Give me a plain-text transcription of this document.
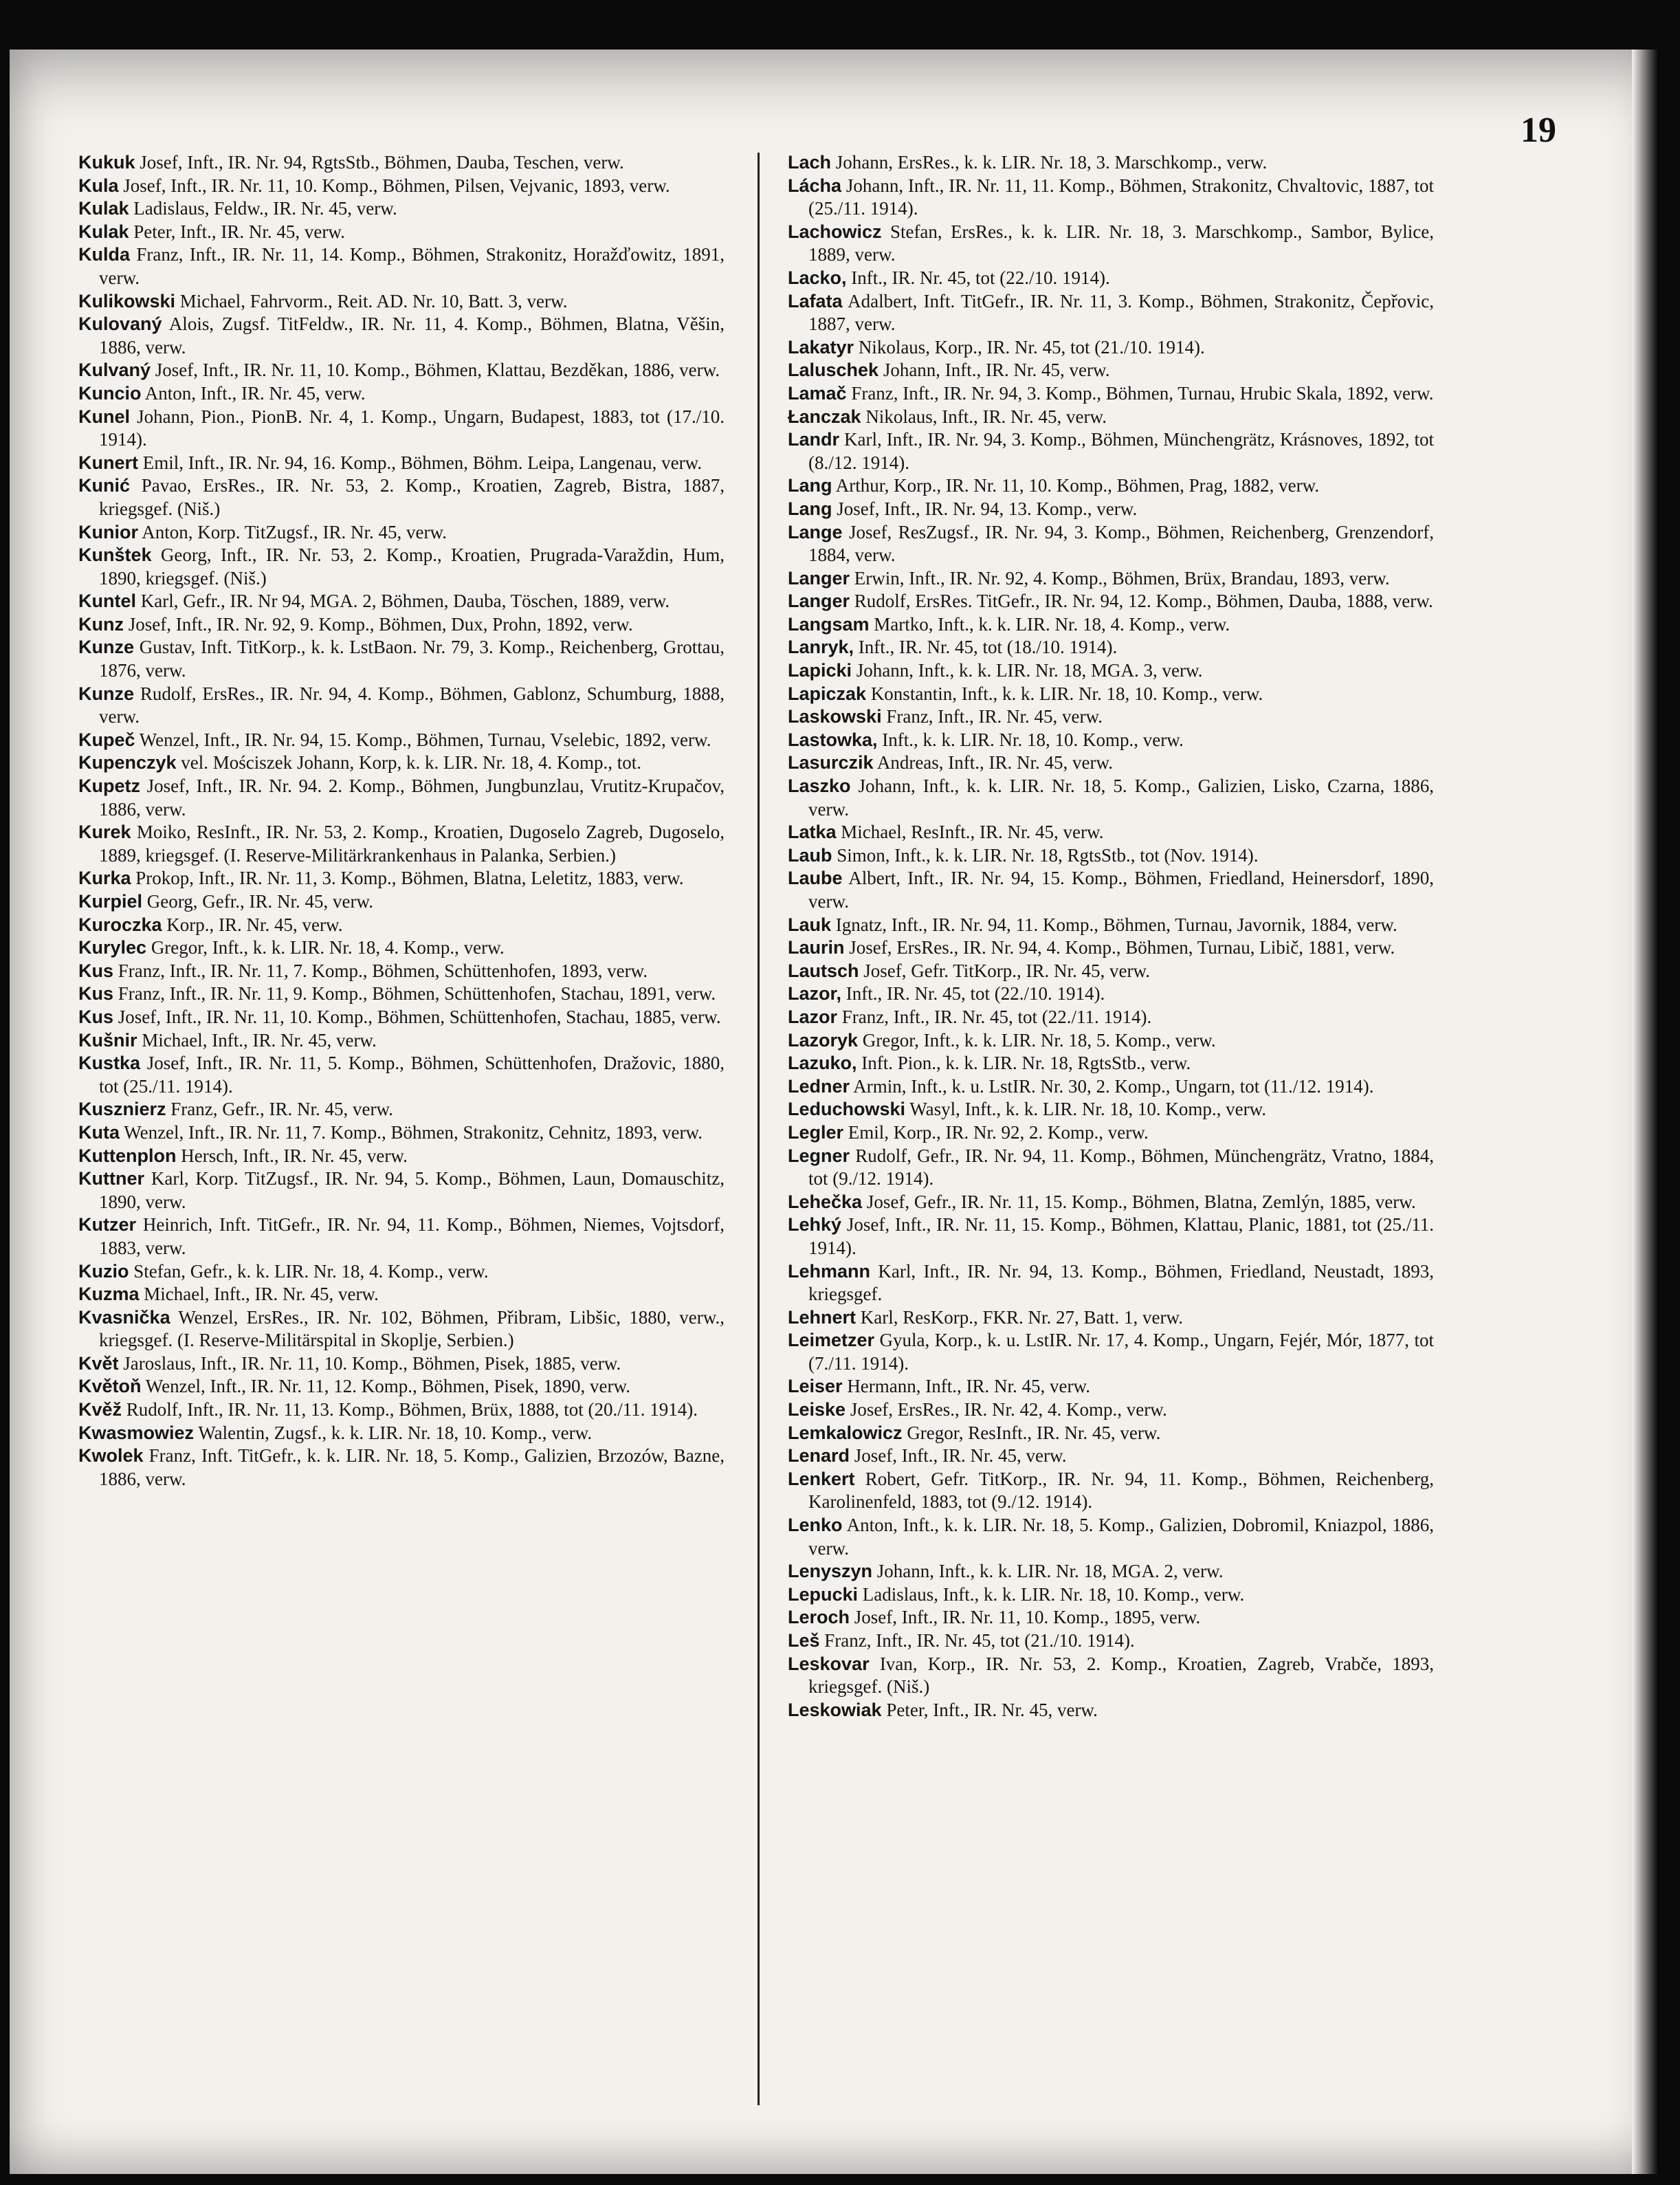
19

Kukuk Josef, Inft., IR. Nr. 94, RgtsStb., Böhmen, Dauba, Teschen, verw.

Kula Josef, Inft., IR. Nr. 11, 10. Komp., Böhmen, Pilsen, Vejvanic, 1893, verw.

Kulak Ladislaus, Feldw., IR. Nr. 45, verw.

Kulak Peter, Inft., IR. Nr. 45, verw.

Kulda Franz, Inft., IR. Nr. 11, 14. Komp., Böhmen, Strakonitz, Horažďowitz, 1891, verw.

Kulikowski Michael, Fahrvorm., Reit. AD. Nr. 10, Batt. 3, verw.

Kulovaný Alois, Zugsf. TitFeldw., IR. Nr. 11, 4. Komp., Böhmen, Blatna, Věšin, 1886, verw.

Kulvaný Josef, Inft., IR. Nr. 11, 10. Komp., Böhmen, Klattau, Bezděkan, 1886, verw.

Kuncio Anton, Inft., IR. Nr. 45, verw.

Kunel Johann, Pion., PionB. Nr. 4, 1. Komp., Ungarn, Budapest, 1883, tot (17./10. 1914).

Kunert Emil, Inft., IR. Nr. 94, 16. Komp., Böhmen, Böhm. Leipa, Langenau, verw.

Kunić Pavao, ErsRes., IR. Nr. 53, 2. Komp., Kroatien, Zagreb, Bistra, 1887, kriegsgef. (Niš.)

Kunior Anton, Korp. TitZugsf., IR. Nr. 45, verw.

Kunštek Georg, Inft., IR. Nr. 53, 2. Komp., Kroatien, Prugrada-Varaždin, Hum, 1890, kriegsgef. (Niš.)

Kuntel Karl, Gefr., IR. Nr 94, MGA. 2, Böhmen, Dauba, Töschen, 1889, verw.

Kunz Josef, Inft., IR. Nr. 92, 9. Komp., Böhmen, Dux, Prohn, 1892, verw.

Kunze Gustav, Inft. TitKorp., k. k. LstBaon. Nr. 79, 3. Komp., Reichenberg, Grottau, 1876, verw.

Kunze Rudolf, ErsRes., IR. Nr. 94, 4. Komp., Böhmen, Gablonz, Schumburg, 1888, verw.

Kupeč Wenzel, Inft., IR. Nr. 94, 15. Komp., Böhmen, Turnau, Vselebic, 1892, verw.

Kupenczyk vel. Mościszek Johann, Korp, k. k. LIR. Nr. 18, 4. Komp., tot.

Kupetz Josef, Inft., IR. Nr. 94. 2. Komp., Böhmen, Jungbunzlau, Vrutitz-Krupačov, 1886, verw.

Kurek Moiko, ResInft., IR. Nr. 53, 2. Komp., Kroatien, Dugoselo Zagreb, Dugoselo, 1889, kriegsgef. (I. Reserve-Militärkrankenhaus in Palanka, Serbien.)

Kurka Prokop, Inft., IR. Nr. 11, 3. Komp., Böhmen, Blatna, Leletitz, 1883, verw.

Kurpiel Georg, Gefr., IR. Nr. 45, verw.

Kuroczka Korp., IR. Nr. 45, verw.

Kurylec Gregor, Inft., k. k. LIR. Nr. 18, 4. Komp., verw.

Kus Franz, Inft., IR. Nr. 11, 7. Komp., Böhmen, Schüttenhofen, 1893, verw.

Kus Franz, Inft., IR. Nr. 11, 9. Komp., Böhmen, Schüttenhofen, Stachau, 1891, verw.

Kus Josef, Inft., IR. Nr. 11, 10. Komp., Böhmen, Schüttenhofen, Stachau, 1885, verw.

Kušnir Michael, Inft., IR. Nr. 45, verw.

Kustka Josef, Inft., IR. Nr. 11, 5. Komp., Böhmen, Schüttenhofen, Dražovic, 1880, tot (25./11. 1914).

Kusznierz Franz, Gefr., IR. Nr. 45, verw.

Kuta Wenzel, Inft., IR. Nr. 11, 7. Komp., Böhmen, Strakonitz, Cehnitz, 1893, verw.

Kuttenplon Hersch, Inft., IR. Nr. 45, verw.

Kuttner Karl, Korp. TitZugsf., IR. Nr. 94, 5. Komp., Böhmen, Laun, Domauschitz, 1890, verw.

Kutzer Heinrich, Inft. TitGefr., IR. Nr. 94, 11. Komp., Böhmen, Niemes, Vojtsdorf, 1883, verw.

Kuzio Stefan, Gefr., k. k. LIR. Nr. 18, 4. Komp., verw.

Kuzma Michael, Inft., IR. Nr. 45, verw.

Kvasnička Wenzel, ErsRes., IR. Nr. 102, Böhmen, Přibram, Libšic, 1880, verw., kriegsgef. (I. Reserve-Militärspital in Skoplje, Serbien.)

Květ Jaroslaus, Inft., IR. Nr. 11, 10. Komp., Böhmen, Pisek, 1885, verw.

Květoň Wenzel, Inft., IR. Nr. 11, 12. Komp., Böhmen, Pisek, 1890, verw.

Kvěž Rudolf, Inft., IR. Nr. 11, 13. Komp., Böhmen, Brüx, 1888, tot (20./11. 1914).

Kwasmowiez Walentin, Zugsf., k. k. LIR. Nr. 18, 10. Komp., verw.

Kwolek Franz, Inft. TitGefr., k. k. LIR. Nr. 18, 5. Komp., Galizien, Brzozów, Bazne, 1886, verw.

Lach Johann, ErsRes., k. k. LIR. Nr. 18, 3. Marschkomp., verw.

Lácha Johann, Inft., IR. Nr. 11, 11. Komp., Böhmen, Strakonitz, Chvaltovic, 1887, tot (25./11. 1914).

Lachowicz Stefan, ErsRes., k. k. LIR. Nr. 18, 3. Marschkomp., Sambor, Bylice, 1889, verw.

Lacko, Inft., IR. Nr. 45, tot (22./10. 1914).

Lafata Adalbert, Inft. TitGefr., IR. Nr. 11, 3. Komp., Böhmen, Strakonitz, Čepřovic, 1887, verw.

Lakatyr Nikolaus, Korp., IR. Nr. 45, tot (21./10. 1914).

Laluschek Johann, Inft., IR. Nr. 45, verw.

Lamač Franz, Inft., IR. Nr. 94, 3. Komp., Böhmen, Turnau, Hrubic Skala, 1892, verw.

Łanczak Nikolaus, Inft., IR. Nr. 45, verw.

Landr Karl, Inft., IR. Nr. 94, 3. Komp., Böhmen, Münchengrätz, Krásnoves, 1892, tot (8./12. 1914).

Lang Arthur, Korp., IR. Nr. 11, 10. Komp., Böhmen, Prag, 1882, verw.

Lang Josef, Inft., IR. Nr. 94, 13. Komp., verw.

Lange Josef, ResZugsf., IR. Nr. 94, 3. Komp., Böhmen, Reichenberg, Grenzendorf, 1884, verw.

Langer Erwin, Inft., IR. Nr. 92, 4. Komp., Böhmen, Brüx, Brandau, 1893, verw.

Langer Rudolf, ErsRes. TitGefr., IR. Nr. 94, 12. Komp., Böhmen, Dauba, 1888, verw.

Langsam Martko, Inft., k. k. LIR. Nr. 18, 4. Komp., verw.

Lanryk, Inft., IR. Nr. 45, tot (18./10. 1914).

Lapicki Johann, Inft., k. k. LIR. Nr. 18, MGA. 3, verw.

Lapiczak Konstantin, Inft., k. k. LIR. Nr. 18, 10. Komp., verw.

Laskowski Franz, Inft., IR. Nr. 45, verw.

Lastowka, Inft., k. k. LIR. Nr. 18, 10. Komp., verw.

Lasurczik Andreas, Inft., IR. Nr. 45, verw.

Laszko Johann, Inft., k. k. LIR. Nr. 18, 5. Komp., Galizien, Lisko, Czarna, 1886, verw.

Latka Michael, ResInft., IR. Nr. 45, verw.

Laub Simon, Inft., k. k. LIR. Nr. 18, RgtsStb., tot (Nov. 1914).

Laube Albert, Inft., IR. Nr. 94, 15. Komp., Böhmen, Friedland, Heinersdorf, 1890, verw.

Lauk Ignatz, Inft., IR. Nr. 94, 11. Komp., Böhmen, Turnau, Javornik, 1884, verw.

Laurin Josef, ErsRes., IR. Nr. 94, 4. Komp., Böhmen, Turnau, Libič, 1881, verw.

Lautsch Josef, Gefr. TitKorp., IR. Nr. 45, verw.

Lazor, Inft., IR. Nr. 45, tot (22./10. 1914).

Lazor Franz, Inft., IR. Nr. 45, tot (22./11. 1914).

Lazoryk Gregor, Inft., k. k. LIR. Nr. 18, 5. Komp., verw.

Lazuko, Inft. Pion., k. k. LIR. Nr. 18, RgtsStb., verw.

Ledner Armin, Inft., k. u. LstIR. Nr. 30, 2. Komp., Ungarn, tot (11./12. 1914).

Leduchowski Wasyl, Inft., k. k. LIR. Nr. 18, 10. Komp., verw.

Legler Emil, Korp., IR. Nr. 92, 2. Komp., verw.

Legner Rudolf, Gefr., IR. Nr. 94, 11. Komp., Böhmen, Münchengrätz, Vratno, 1884, tot (9./12. 1914).

Lehečka Josef, Gefr., IR. Nr. 11, 15. Komp., Böhmen, Blatna, Zemlýn, 1885, verw.

Lehký Josef, Inft., IR. Nr. 11, 15. Komp., Böhmen, Klattau, Planic, 1881, tot (25./11. 1914).

Lehmann Karl, Inft., IR. Nr. 94, 13. Komp., Böhmen, Friedland, Neustadt, 1893, kriegsgef.

Lehnert Karl, ResKorp., FKR. Nr. 27, Batt. 1, verw.

Leimetzer Gyula, Korp., k. u. LstIR. Nr. 17, 4. Komp., Ungarn, Fejér, Mór, 1877, tot (7./11. 1914).

Leiser Hermann, Inft., IR. Nr. 45, verw.

Leiske Josef, ErsRes., IR. Nr. 42, 4. Komp., verw.

Lemkalowicz Gregor, ResInft., IR. Nr. 45, verw.

Lenard Josef, Inft., IR. Nr. 45, verw.

Lenkert Robert, Gefr. TitKorp., IR. Nr. 94, 11. Komp., Böhmen, Reichenberg, Karolinenfeld, 1883, tot (9./12. 1914).

Lenko Anton, Inft., k. k. LIR. Nr. 18, 5. Komp., Galizien, Dobromil, Kniazpol, 1886, verw.

Lenyszyn Johann, Inft., k. k. LIR. Nr. 18, MGA. 2, verw.

Lepucki Ladislaus, Inft., k. k. LIR. Nr. 18, 10. Komp., verw.

Leroch Josef, Inft., IR. Nr. 11, 10. Komp., 1895, verw.

Leš Franz, Inft., IR. Nr. 45, tot (21./10. 1914).

Leskovar Ivan, Korp., IR. Nr. 53, 2. Komp., Kroatien, Zagreb, Vrabče, 1893, kriegsgef. (Niš.)

Leskowiak Peter, Inft., IR. Nr. 45, verw.
